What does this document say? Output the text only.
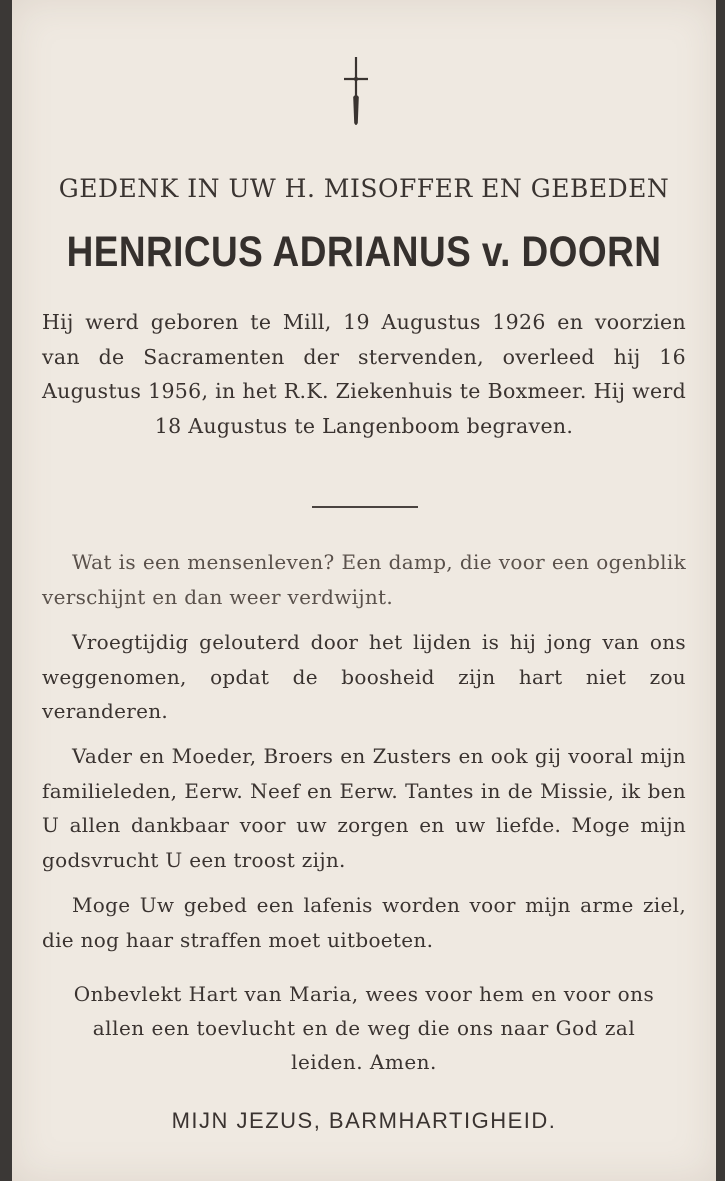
GEDENK IN UW H. MISOFFER EN GEBEDEN
HENRICUS ADRIANUS v. DOORN
Hij werd geboren te Mill, 19 Augustus 1926 en voorzien van de Sacramenten der stervenden, overleed hij 16 Augustus 1956, in het R.K. Ziekenhuis te Boxmeer. Hij werd 18 Augustus te Langenboom begraven.
Wat is een mensenleven? Een damp, die voor een ogenblik verschijnt en dan weer verdwijnt.
Vroegtijdig gelouterd door het lijden is hij jong van ons weggenomen, opdat de boosheid zijn hart niet zou veranderen.
Vader en Moeder, Broers en Zusters en ook gij vooral mijn familieleden, Eerw. Neef en Eerw. Tantes in de Missie, ik ben U allen dankbaar voor uw zorgen en uw liefde. Moge mijn godsvrucht U een troost zijn.
Moge Uw gebed een lafenis worden voor mijn arme ziel, die nog haar straffen moet uitboeten.
Onbevlekt Hart van Maria, wees voor hem en voor ons allen een toevlucht en de weg die ons naar God zal leiden. Amen.
MIJN JEZUS, BARMHARTIGHEID.
